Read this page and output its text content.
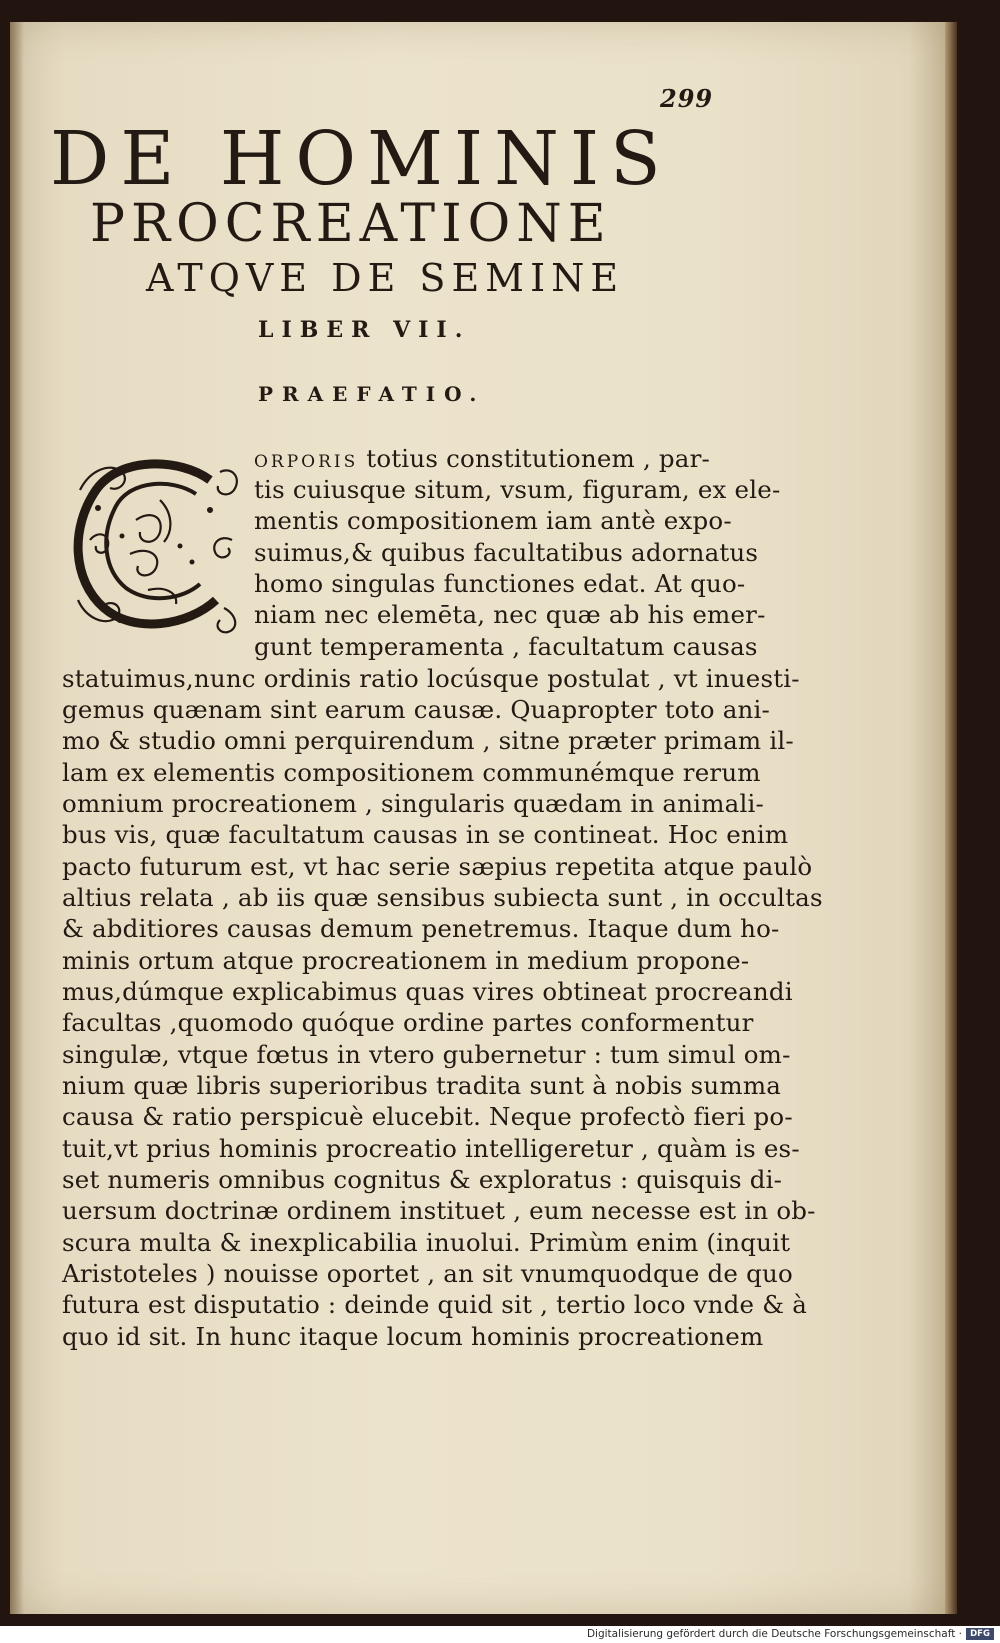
299
DE HOMINIS
PROCREATIONE
ATQVE DE SEMINE
LIBER VII.
PRAEFATIO.
orporis totius constitutionem , par-
tis cuiusque situm, vsum, figuram, ex ele-
mentis compositionem iam antè expo-
suimus,& quibus facultatibus adornatus
homo singulas functiones edat. At quo-
niam nec elemēta, nec quæ ab his emer-
gunt temperamenta , facultatum causas
statuimus,nunc ordinis ratio locúsque postulat , vt inuesti-
gemus quænam sint earum causæ. Quapropter toto ani-
mo & studio omni perquirendum , sitne præter primam il-
lam ex elementis compositionem communémque rerum
omnium procreationem , singularis quædam in animali-
bus vis, quæ facultatum causas in se contineat. Hoc enim
pacto futurum est, vt hac serie sæpius repetita atque paulò
altius relata , ab iis quæ sensibus subiecta sunt , in occultas
& abditiores causas demum penetremus. Itaque dum ho-
minis ortum atque procreationem in medium propone-
mus,dúmque explicabimus quas vires obtineat procreandi
facultas ,quomodo quóque ordine partes conformentur
singulæ, vtque fœtus in vtero gubernetur : tum simul om-
nium quæ libris superioribus tradita sunt à nobis summa
causa & ratio perspicuè elucebit. Neque profectò fieri po-
tuit,vt prius hominis procreatio intelligeretur , quàm is es-
set numeris omnibus cognitus & exploratus : quisquis di-
uersum doctrinæ ordinem instituet , eum necesse est in ob-
scura multa & inexplicabilia inuolui. Primùm enim (inquit
Aristoteles ) nouisse oportet , an sit vnumquodque de quo
futura est disputatio : deinde quid sit , tertio loco vnde & à
quo id sit. In hunc itaque locum hominis procreationem
Digitalisierung gefördert durch die Deutsche Forschungsgemeinschaft · DFG
